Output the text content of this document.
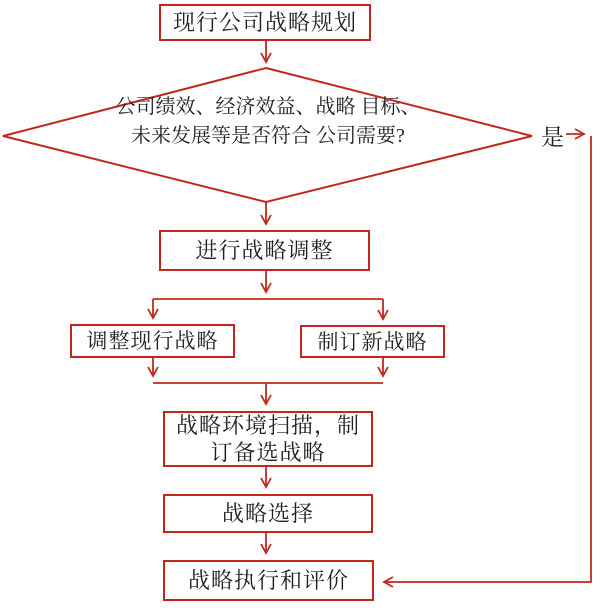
现行公司战略规划
公司绩效、经济效益、战略 目标、未来发展等是否符合 公司需要?	是
进行战略调整
调整现行战略	制订新战略
战略环境扫描，制
订备选战略
战略选择
战略执行和评价
